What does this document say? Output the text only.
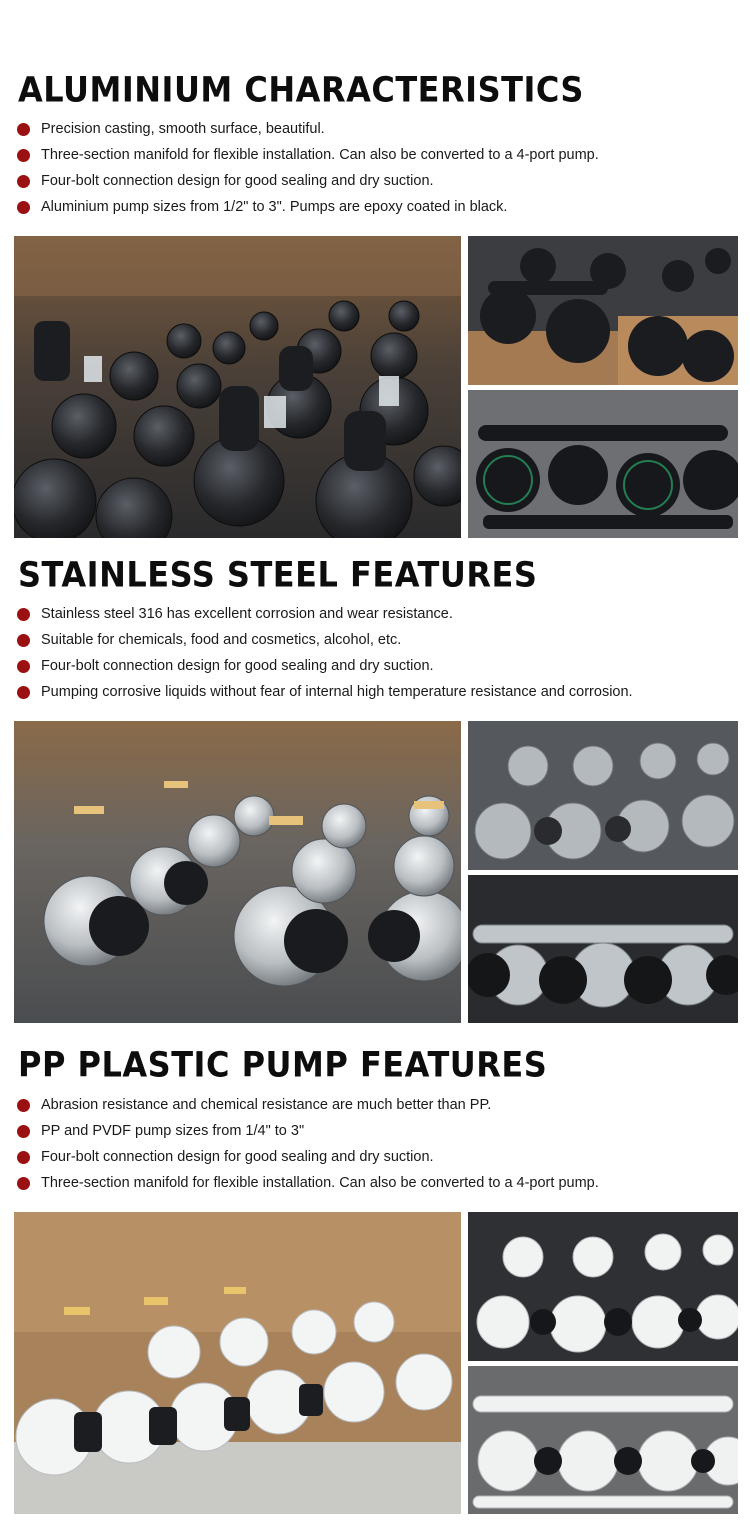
ALUMINIUM CHARACTERISTICS
Precision casting, smooth surface, beautiful.
Three-section manifold for flexible installation. Can also be converted to a 4-port pump.
Four-bolt connection design for good sealing and dry suction.
Aluminium pump sizes from 1/2" to 3". Pumps are epoxy coated in black.
STAINLESS STEEL FEATURES
Stainless steel 316 has excellent corrosion and wear resistance.
Suitable for chemicals, food and cosmetics, alcohol, etc.
Four-bolt connection design for good sealing and dry suction.
Pumping corrosive liquids without fear of internal high temperature resistance and corrosion.
PP PLASTIC PUMP FEATURES
Abrasion resistance and chemical resistance are much better than PP.
PP and PVDF pump sizes from 1/4" to 3"
Four-bolt connection design for good sealing and dry suction.
Three-section manifold for flexible installation. Can also be converted to a 4-port pump.
